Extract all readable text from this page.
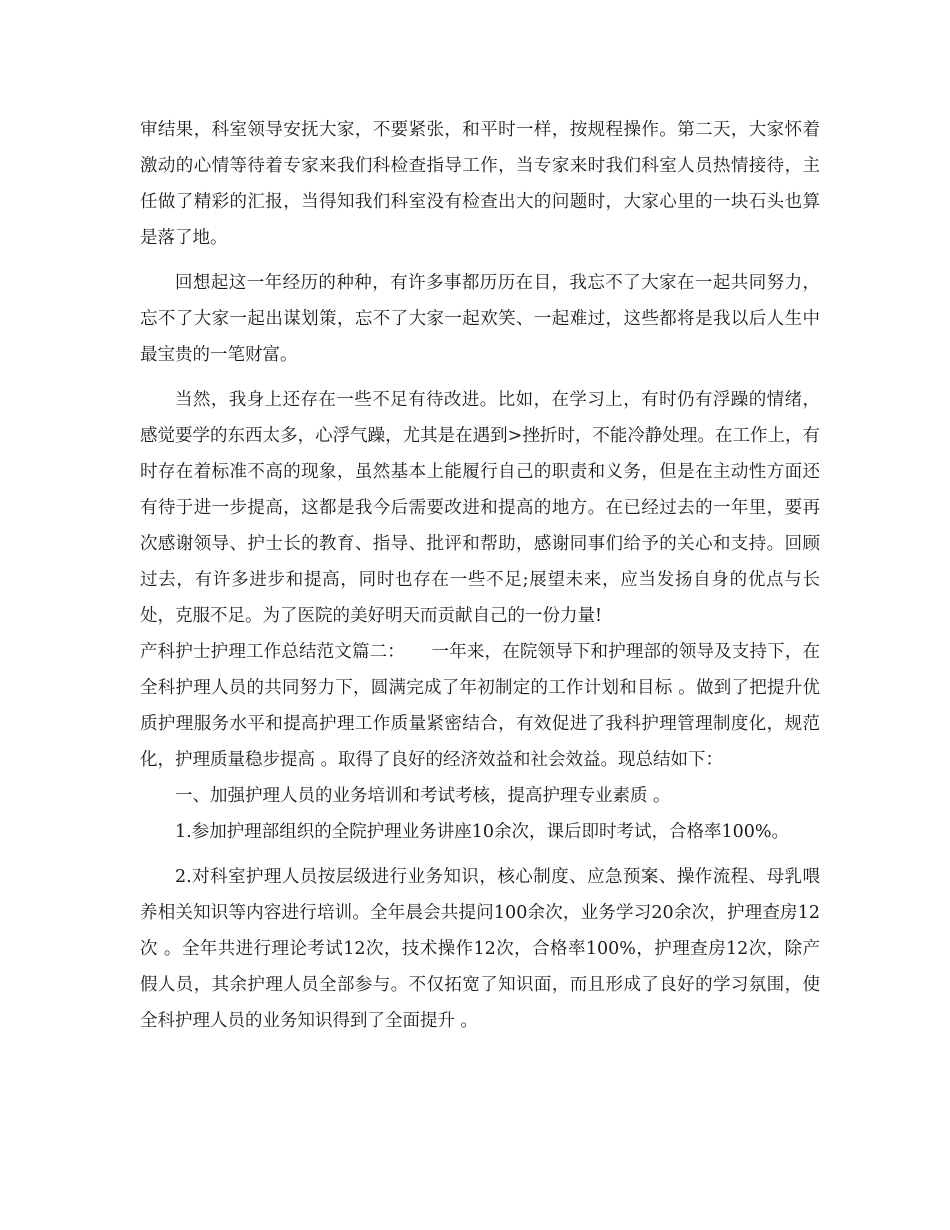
审结果，科室领导安抚大家，不要紧张，和平时一样，按规程操作。第二天，大家怀着激动的心情等待着专家来我们科检查指导工作，当专家来时我们科室人员热情接待，主任做了精彩的汇报，当得知我们科室没有检查出大的问题时，大家心里的一块石头也算是落了地。

回想起这一年经历的种种，有许多事都历历在目，我忘不了大家在一起共同努力，忘不了大家一起出谋划策，忘不了大家一起欢笑、一起难过，这些都将是我以后人生中最宝贵的一笔财富。

当然，我身上还存在一些不足有待改进。比如，在学习上，有时仍有浮躁的情绪，感觉要学的东西太多，心浮气躁，尤其是在遇到>挫折时，不能冷静处理。在工作上，有时存在着标准不高的现象，虽然基本上能履行自己的职责和义务，但是在主动性方面还有待于进一步提高，这都是我今后需要改进和提高的地方。在已经过去的一年里，要再次感谢领导、护士长的教育、指导、批评和帮助，感谢同事们给予的关心和支持。回顾过去，有许多进步和提高，同时也存在一些不足;展望未来，应当发扬自身的优点与长处，克服不足。为了医院的美好明天而贡献自己的一份力量!

产科护士护理工作总结范文篇二：　　一年来，在院领导下和护理部的领导及支持下，在全科护理人员的共同努力下，圆满完成了年初制定的工作计划和目标 。做到了把提升优质护理服务水平和提高护理工作质量紧密结合，有效促进了我科护理管理制度化，规范化，护理质量稳步提高 。取得了良好的经济效益和社会效益。现总结如下：

一、加强护理人员的业务培训和考试考核，提高护理专业素质 。

1.参加护理部组织的全院护理业务讲座10余次，课后即时考试，合格率100%。

2.对科室护理人员按层级进行业务知识，核心制度、应急预案、操作流程、母乳喂养相关知识等内容进行培训。全年晨会共提问100余次，业务学习20余次，护理查房12次 。全年共进行理论考试12次，技术操作12次，合格率100%，护理查房12次，除产假人员，其余护理人员全部参与。不仅拓宽了知识面，而且形成了良好的学习氛围，使全科护理人员的业务知识得到了全面提升 。
